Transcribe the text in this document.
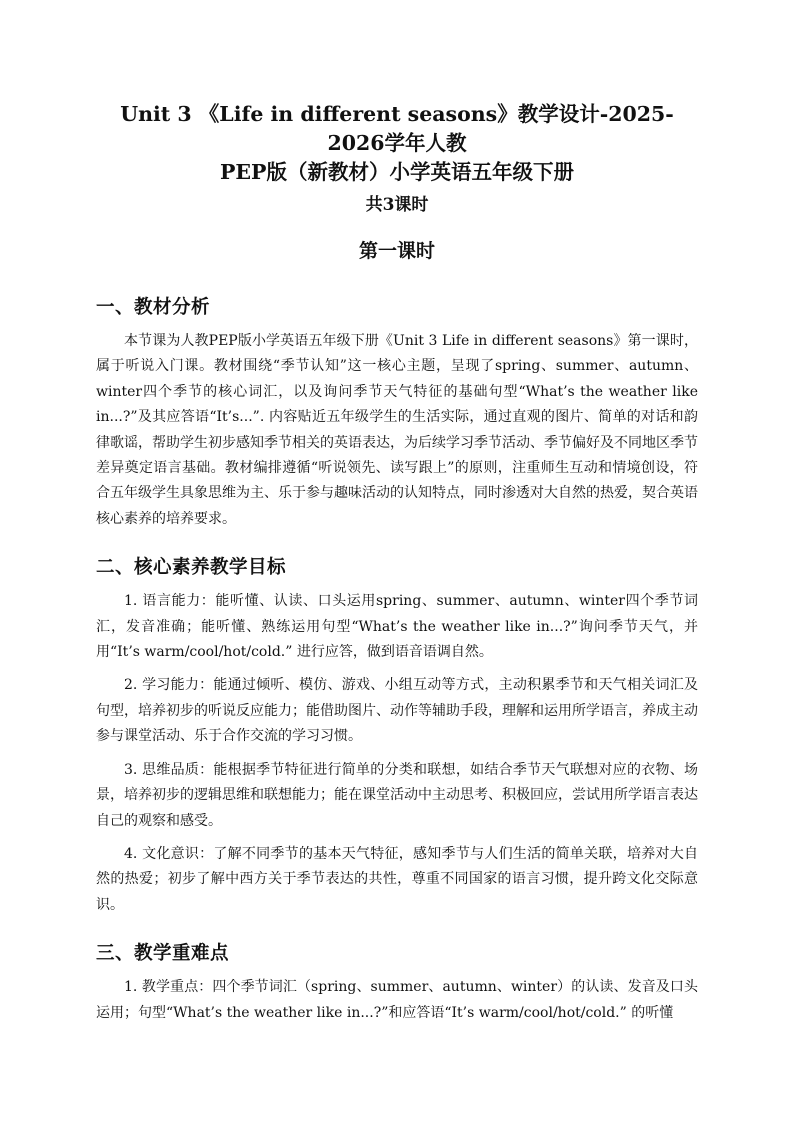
Unit 3 《Life in different seasons》教学设计-2025-2026学年人教
PEP版（新教材）小学英语五年级下册
共3课时
第一课时
一、教材分析

本节课为人教PEP版小学英语五年级下册《Unit 3 Life in different seasons》第一课时，属于听说入门课。教材围绕“季节认知”这一核心主题，呈现了spring、summer、autumn、winter四个季节的核心词汇，以及询问季节天气特征的基础句型“What’s the weather like in...?”及其应答语“It’s...”. 内容贴近五年级学生的生活实际，通过直观的图片、简单的对话和韵律歌谣，帮助学生初步感知季节相关的英语表达，为后续学习季节活动、季节偏好及不同地区季节差异奠定语言基础。教材编排遵循“听说领先、读写跟上”的原则，注重师生互动和情境创设，符合五年级学生具象思维为主、乐于参与趣味活动的认知特点，同时渗透对大自然的热爱，契合英语核心素养的培养要求。

二、核心素养教学目标

1. 语言能力：能听懂、认读、口头运用spring、summer、autumn、winter四个季节词汇，发音准确；能听懂、熟练运用句型“What’s the weather like in...?”询问季节天气，并用“It’s warm/cool/hot/cold.” 进行应答，做到语音语调自然。

2. 学习能力：能通过倾听、模仿、游戏、小组互动等方式，主动积累季节和天气相关词汇及句型，培养初步的听说反应能力；能借助图片、动作等辅助手段，理解和运用所学语言，养成主动参与课堂活动、乐于合作交流的学习习惯。

3. 思维品质：能根据季节特征进行简单的分类和联想，如结合季节天气联想对应的衣物、场景，培养初步的逻辑思维和联想能力；能在课堂活动中主动思考、积极回应，尝试用所学语言表达自己的观察和感受。

4. 文化意识：了解不同季节的基本天气特征，感知季节与人们生活的简单关联，培养对大自然的热爱；初步了解中西方关于季节表达的共性，尊重不同国家的语言习惯，提升跨文化交际意识。

三、教学重难点

1. 教学重点：四个季节词汇（spring、summer、autumn、winter）的认读、发音及口头运用；句型“What’s the weather like in...?”和应答语“It’s warm/cool/hot/cold.” 的听懂
